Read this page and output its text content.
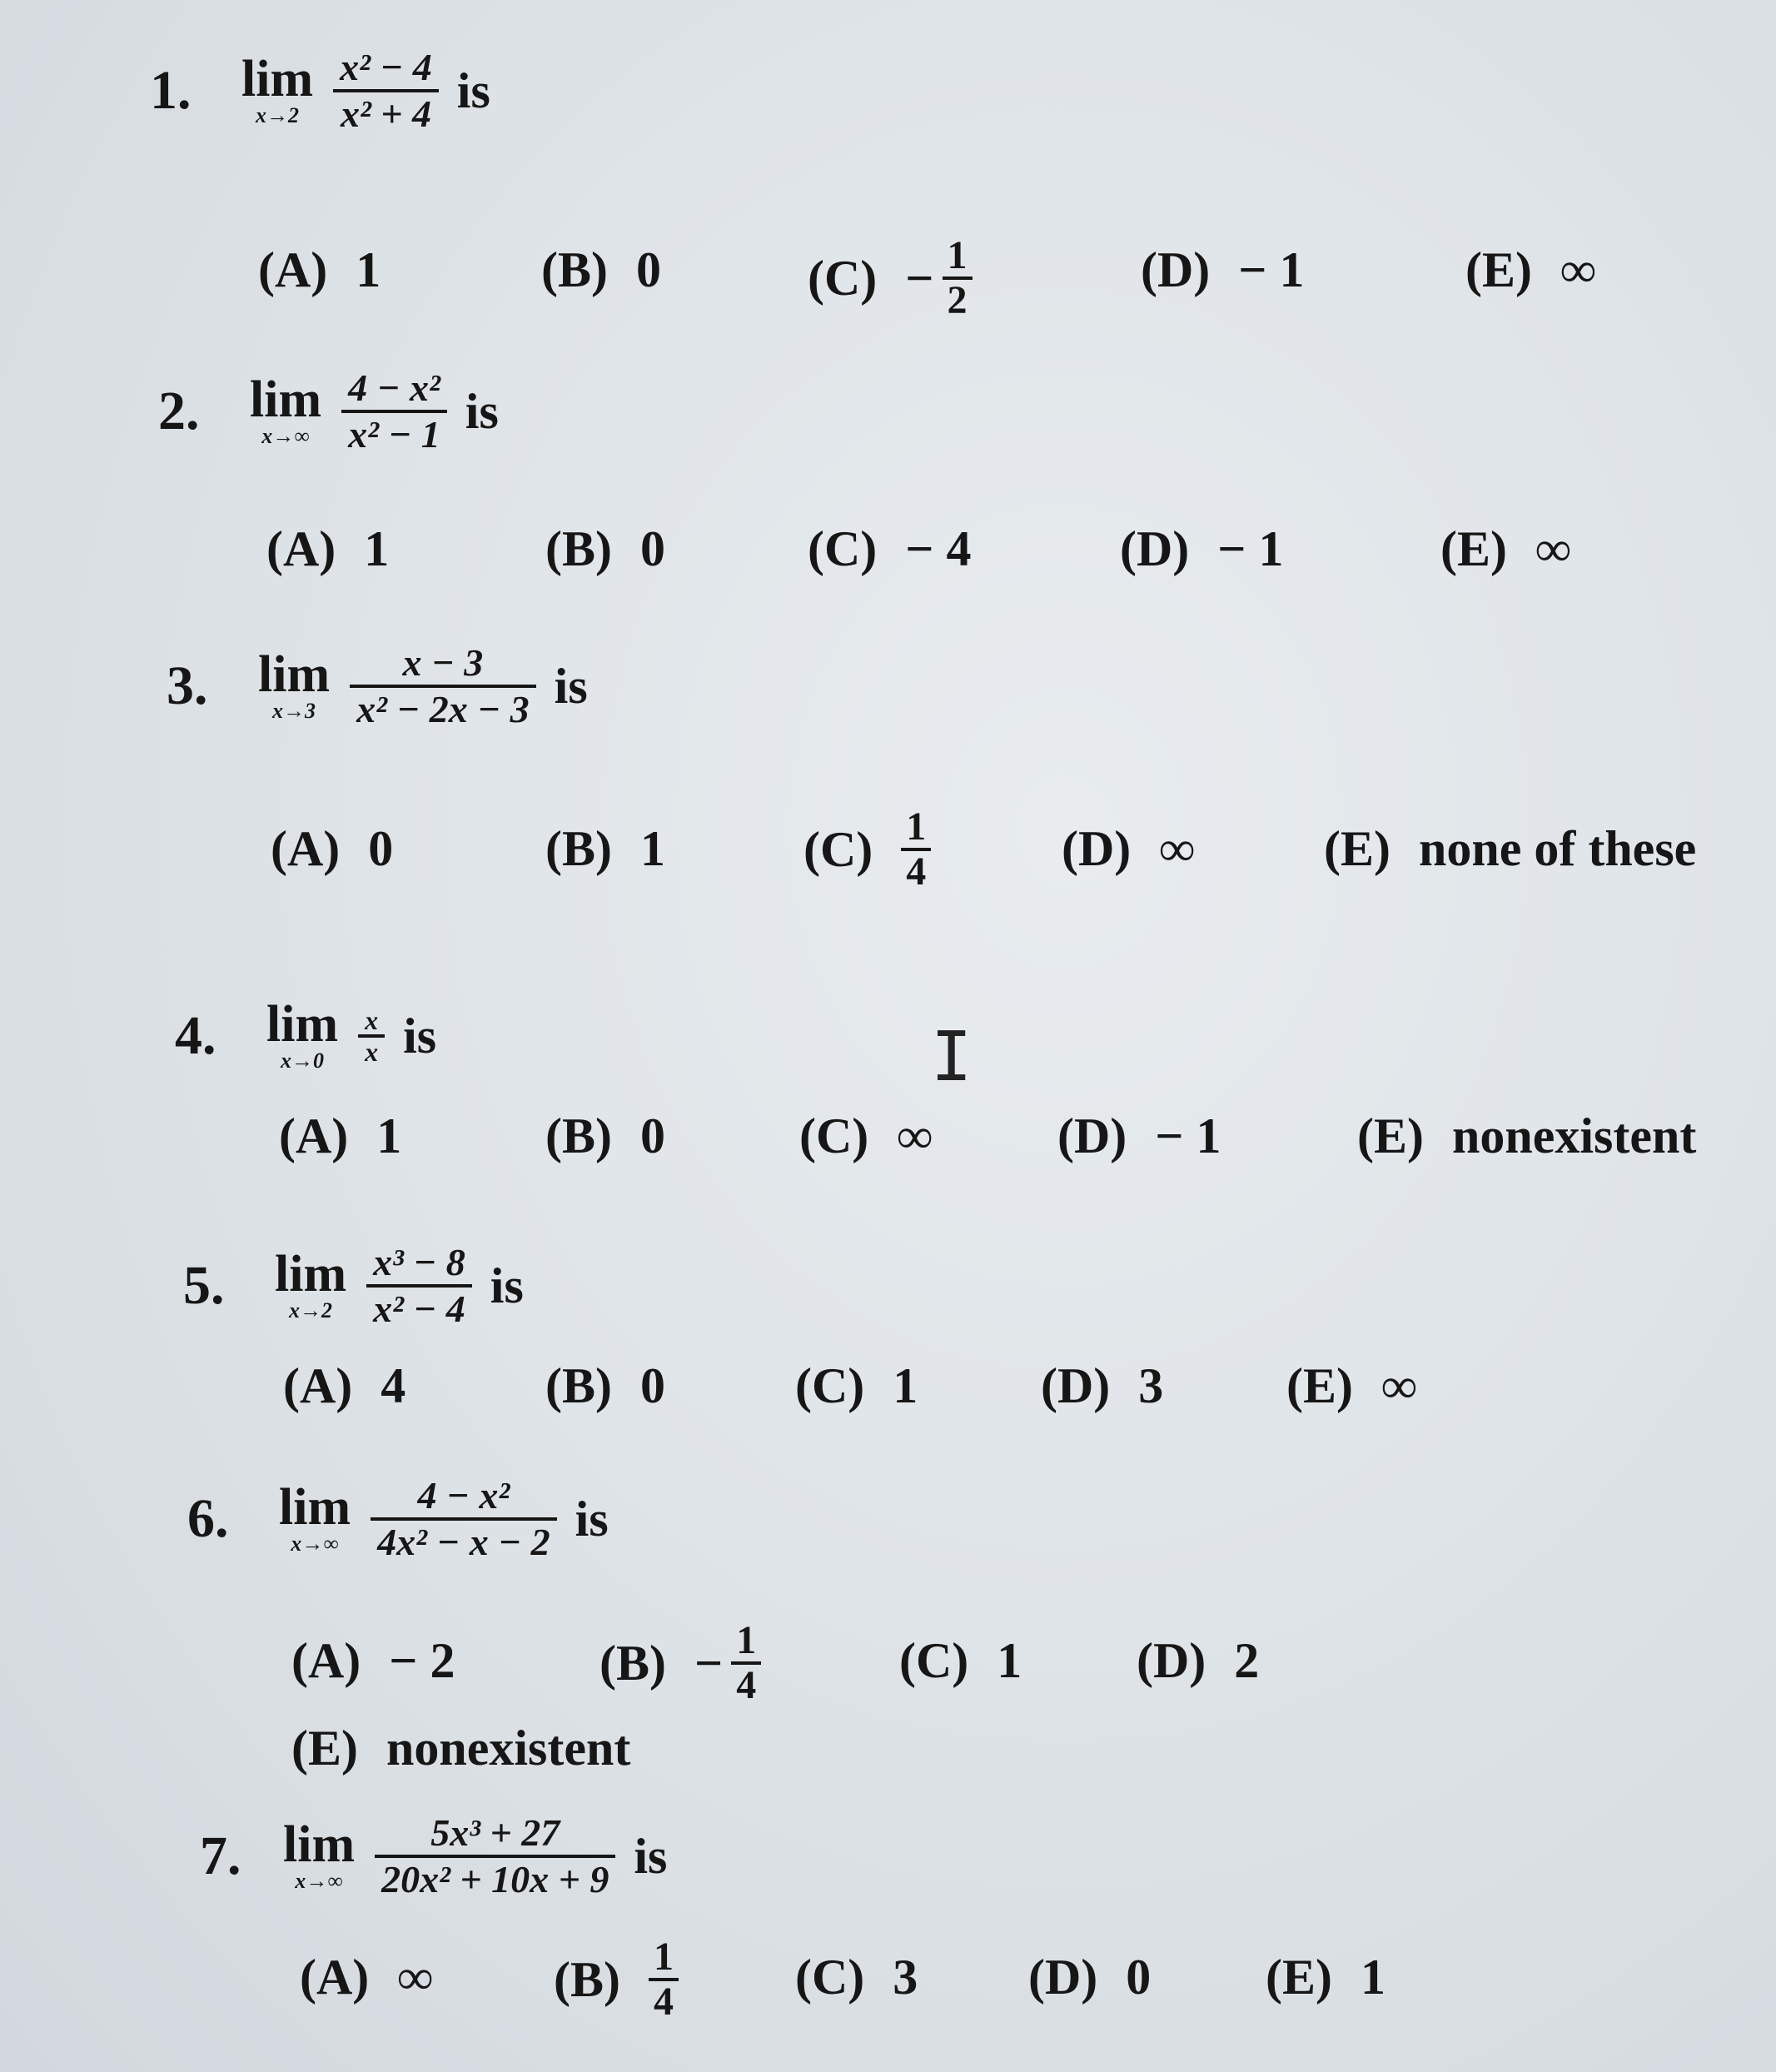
1. lim
$x\to 2 \frac{\text{x² − 4}}{\text{x² + 4}}$ is
(A) 1	(B) 0	(C) − 1
2
(D) − 1	(E) ∞
2. lim
$x\to\infty \frac{\text{4 − x²}}{\text{x² − 1}}$ is
(A) 1	(B) 0	(C) − 4	(D) − 1	(E) ∞
3. lim
$x\to 3 \frac{x - 3}{\text{x² − 2x − 3}}$ is
(A) 0	(B) 1	(C) 1
4	(D) ∞	(E) none of these
4. lim
$x\to 0 \frac{x}{x}$ is	I
(A) 1	(B) 0	(C) ∞ (D) − 1	(E) nonexistent
5. lim
$x\to 2 \frac{\text{x³ − 8}}{\text{x² − 4}}$ is
(A) 4	(B) 0	(C) 1 (D) 3 (E) ∞
6. lim
$x\to\infty \frac{\text{4 − x²}}{\text{4x² − x − 2}}$ is
(A) − 2	(B) − 1
4	(C) 1 (D) 2
(E) nonexistent
7. lim
$x\to\infty \frac{\text{5x³ + 27}}{\text{20x² + 10x + 9}}$ is
(A) ∞ (B) 1
4 (C) 3 (D) 0 (E) 1
